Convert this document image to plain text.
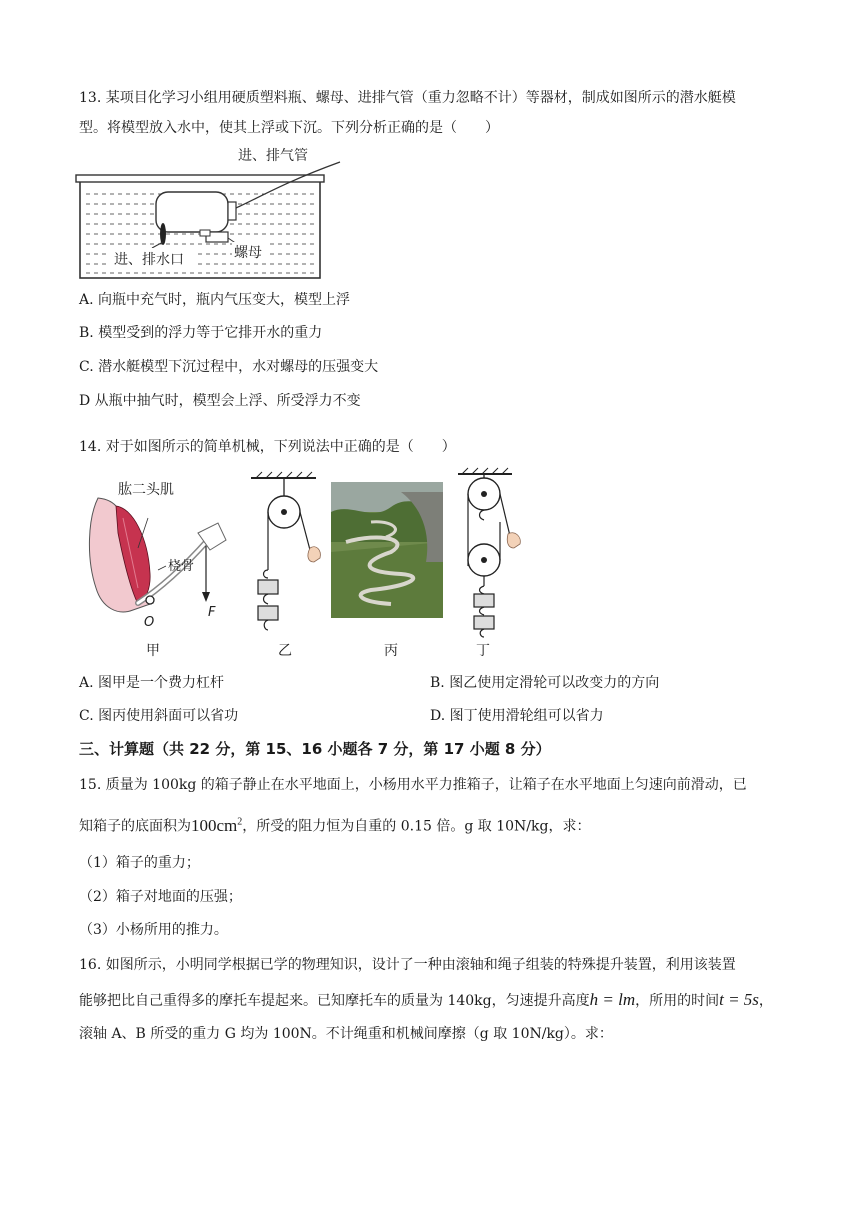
13. 某项目化学习小组用硬质塑料瓶、螺母、进排气管（重力忽略不计）等器材，制成如图所示的潜水艇模
型。将模型放入水中，使其上浮或下沉。下列分析正确的是（　　）
进、排水口	螺母
进、排气管
A. 向瓶中充气时，瓶内气压变大，模型上浮
B. 模型受到的浮力等于它排开水的重力
C. 潜水艇模型下沉过程中，水对螺母的压强变大
D 从瓶中抽气时，模型会上浮、所受浮力不变
14. 对于如图所示的简单机械，下列说法中正确的是（　　）
肱二头肌
桡骨
O
F
甲	乙	丙	丁
A. 图甲是一个费力杠杆	B. 图乙使用定滑轮可以改变力的方向
C. 图丙使用斜面可以省功	D. 图丁使用滑轮组可以省力
三、计算题（共 22 分，第 15、16 小题各 7 分，第 17 小题 8 分）
15. 质量为 100kg 的箱子静止在水平地面上，小杨用水平力推箱子，让箱子在水平地面上匀速向前滑动，已
知箱子的底面积为$100cm^2$，所受的阻力恒为自重的 0.15 倍。g 取 10N/kg，求：
（1）箱子的重力；
（2）箱子对地面的压强；
（3）小杨所用的推力。
16. 如图所示，小明同学根据已学的物理知识，设计了一种由滚轴和绳子组装的特殊提升装置，利用该装置
能够把比自己重得多的摩托车提起来。已知摩托车的质量为 140kg，匀速提升高度h = lm，所用的时间t = 5s，
滚轴 A、B 所受的重力 G 均为 100N。不计绳重和机械间摩擦（g 取 10N/kg）。求：
